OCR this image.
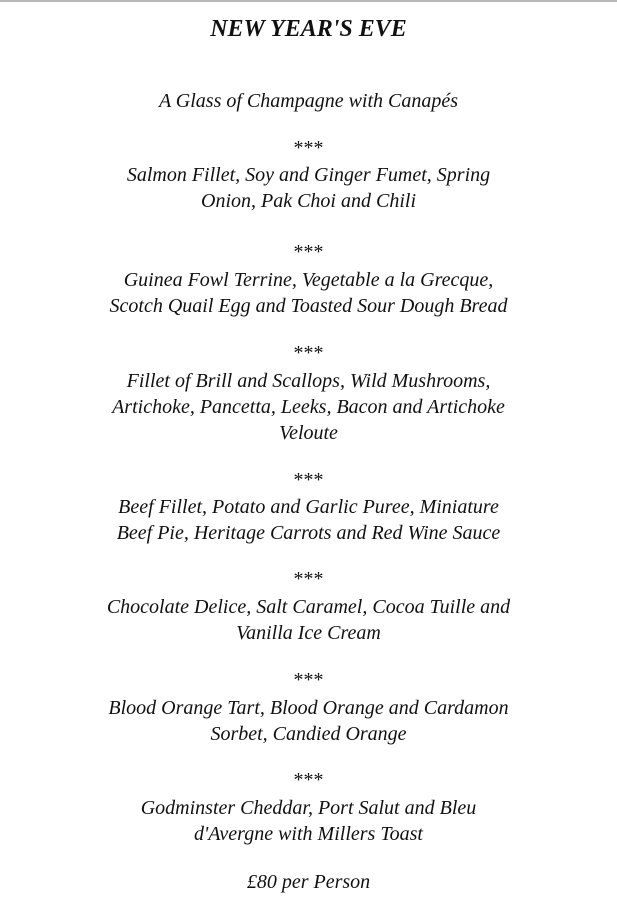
NEW YEAR'S EVE
A Glass of Champagne with Canapés
***
Salmon Fillet, Soy and Ginger Fumet, Spring
Onion, Pak Choi and Chili
***
Guinea Fowl Terrine, Vegetable a la Grecque,
Scotch Quail Egg and Toasted Sour Dough Bread
***
Fillet of Brill and Scallops, Wild Mushrooms,
Artichoke, Pancetta, Leeks, Bacon and Artichoke
Veloute
***
Beef Fillet, Potato and Garlic Puree, Miniature
Beef Pie, Heritage Carrots and Red Wine Sauce
***
Chocolate Delice, Salt Caramel, Cocoa Tuille and
Vanilla Ice Cream
***
Blood Orange Tart, Blood Orange and Cardamon
Sorbet, Candied Orange
***
Godminster Cheddar, Port Salut and Bleu
d'Avergne with Millers Toast
£80 per Person
